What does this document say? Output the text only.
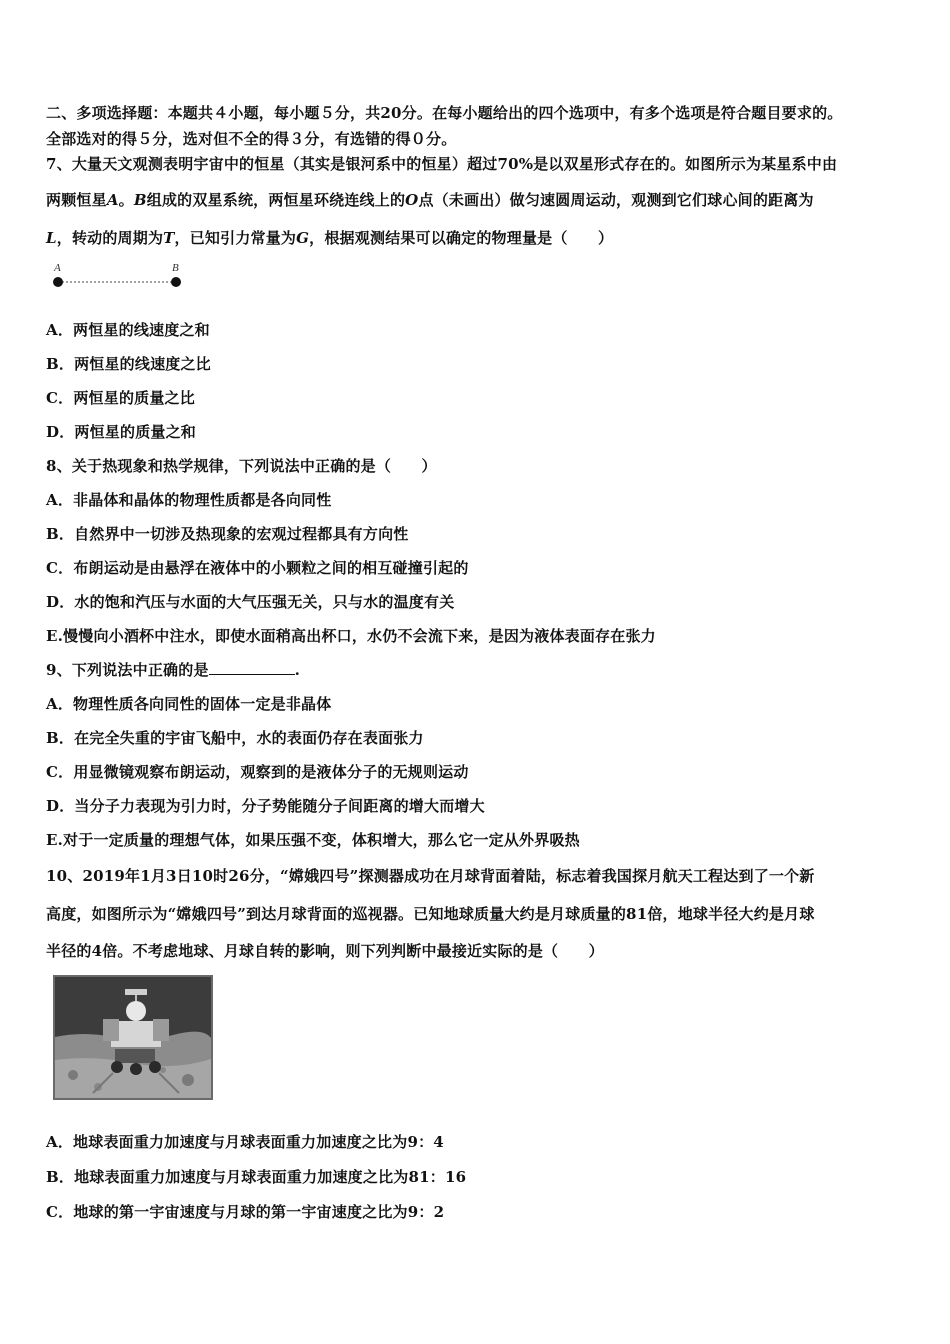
二、多项选择题：本题共４小题，每小题５分，共20分。在每小题给出的四个选项中，有多个选项是符合题目要求的。
全部选对的得５分，选对但不全的得３分，有选错的得０分。
7、大量天文观测表明宇宙中的恒星（其实是银河系中的恒星）超过70%是以双星形式存在的。如图所示为某星系中由
两颗恒星A。B组成的双星系统，两恒星环绕连线上的O点（未画出）做匀速圆周运动，观测到它们球心间的距离为
L，转动的周期为T，已知引力常量为G，根据观测结果可以确定的物理量是（　　）
A	B
A．两恒星的线速度之和
B．两恒星的线速度之比
C．两恒星的质量之比
D．两恒星的质量之和
8、关于热现象和热学规律，下列说法中正确的是（　　）
A．非晶体和晶体的物理性质都是各向同性
B．自然界中一切涉及热现象的宏观过程都具有方向性
C．布朗运动是由悬浮在液体中的小颗粒之间的相互碰撞引起的
D．水的饱和汽压与水面的大气压强无关，只与水的温度有关
E.慢慢向小酒杯中注水，即使水面稍高出杯口，水仍不会流下来，是因为液体表面存在张力
9、下列说法中正确的是	.
A．物理性质各向同性的固体一定是非晶体
B．在完全失重的宇宙飞船中，水的表面仍存在表面张力
C．用显微镜观察布朗运动，观察到的是液体分子的无规则运动
D．当分子力表现为引力时，分子势能随分子间距离的增大而增大
E.对于一定质量的理想气体，如果压强不变，体积增大，那么它一定从外界吸热
10、2019年1月3日10时26分，“嫦娥四号”探测器成功在月球背面着陆，标志着我国探月航天工程达到了一个新
高度，如图所示为“嫦娥四号”到达月球背面的巡视器。已知地球质量大约是月球质量的81倍，地球半径大约是月球
半径的4倍。不考虑地球、月球自转的影响，则下列判断中最接近实际的是（　　）
A．地球表面重力加速度与月球表面重力加速度之比为9：4
B．地球表面重力加速度与月球表面重力加速度之比为81：16
C．地球的第一宇宙速度与月球的第一宇宙速度之比为9：2
